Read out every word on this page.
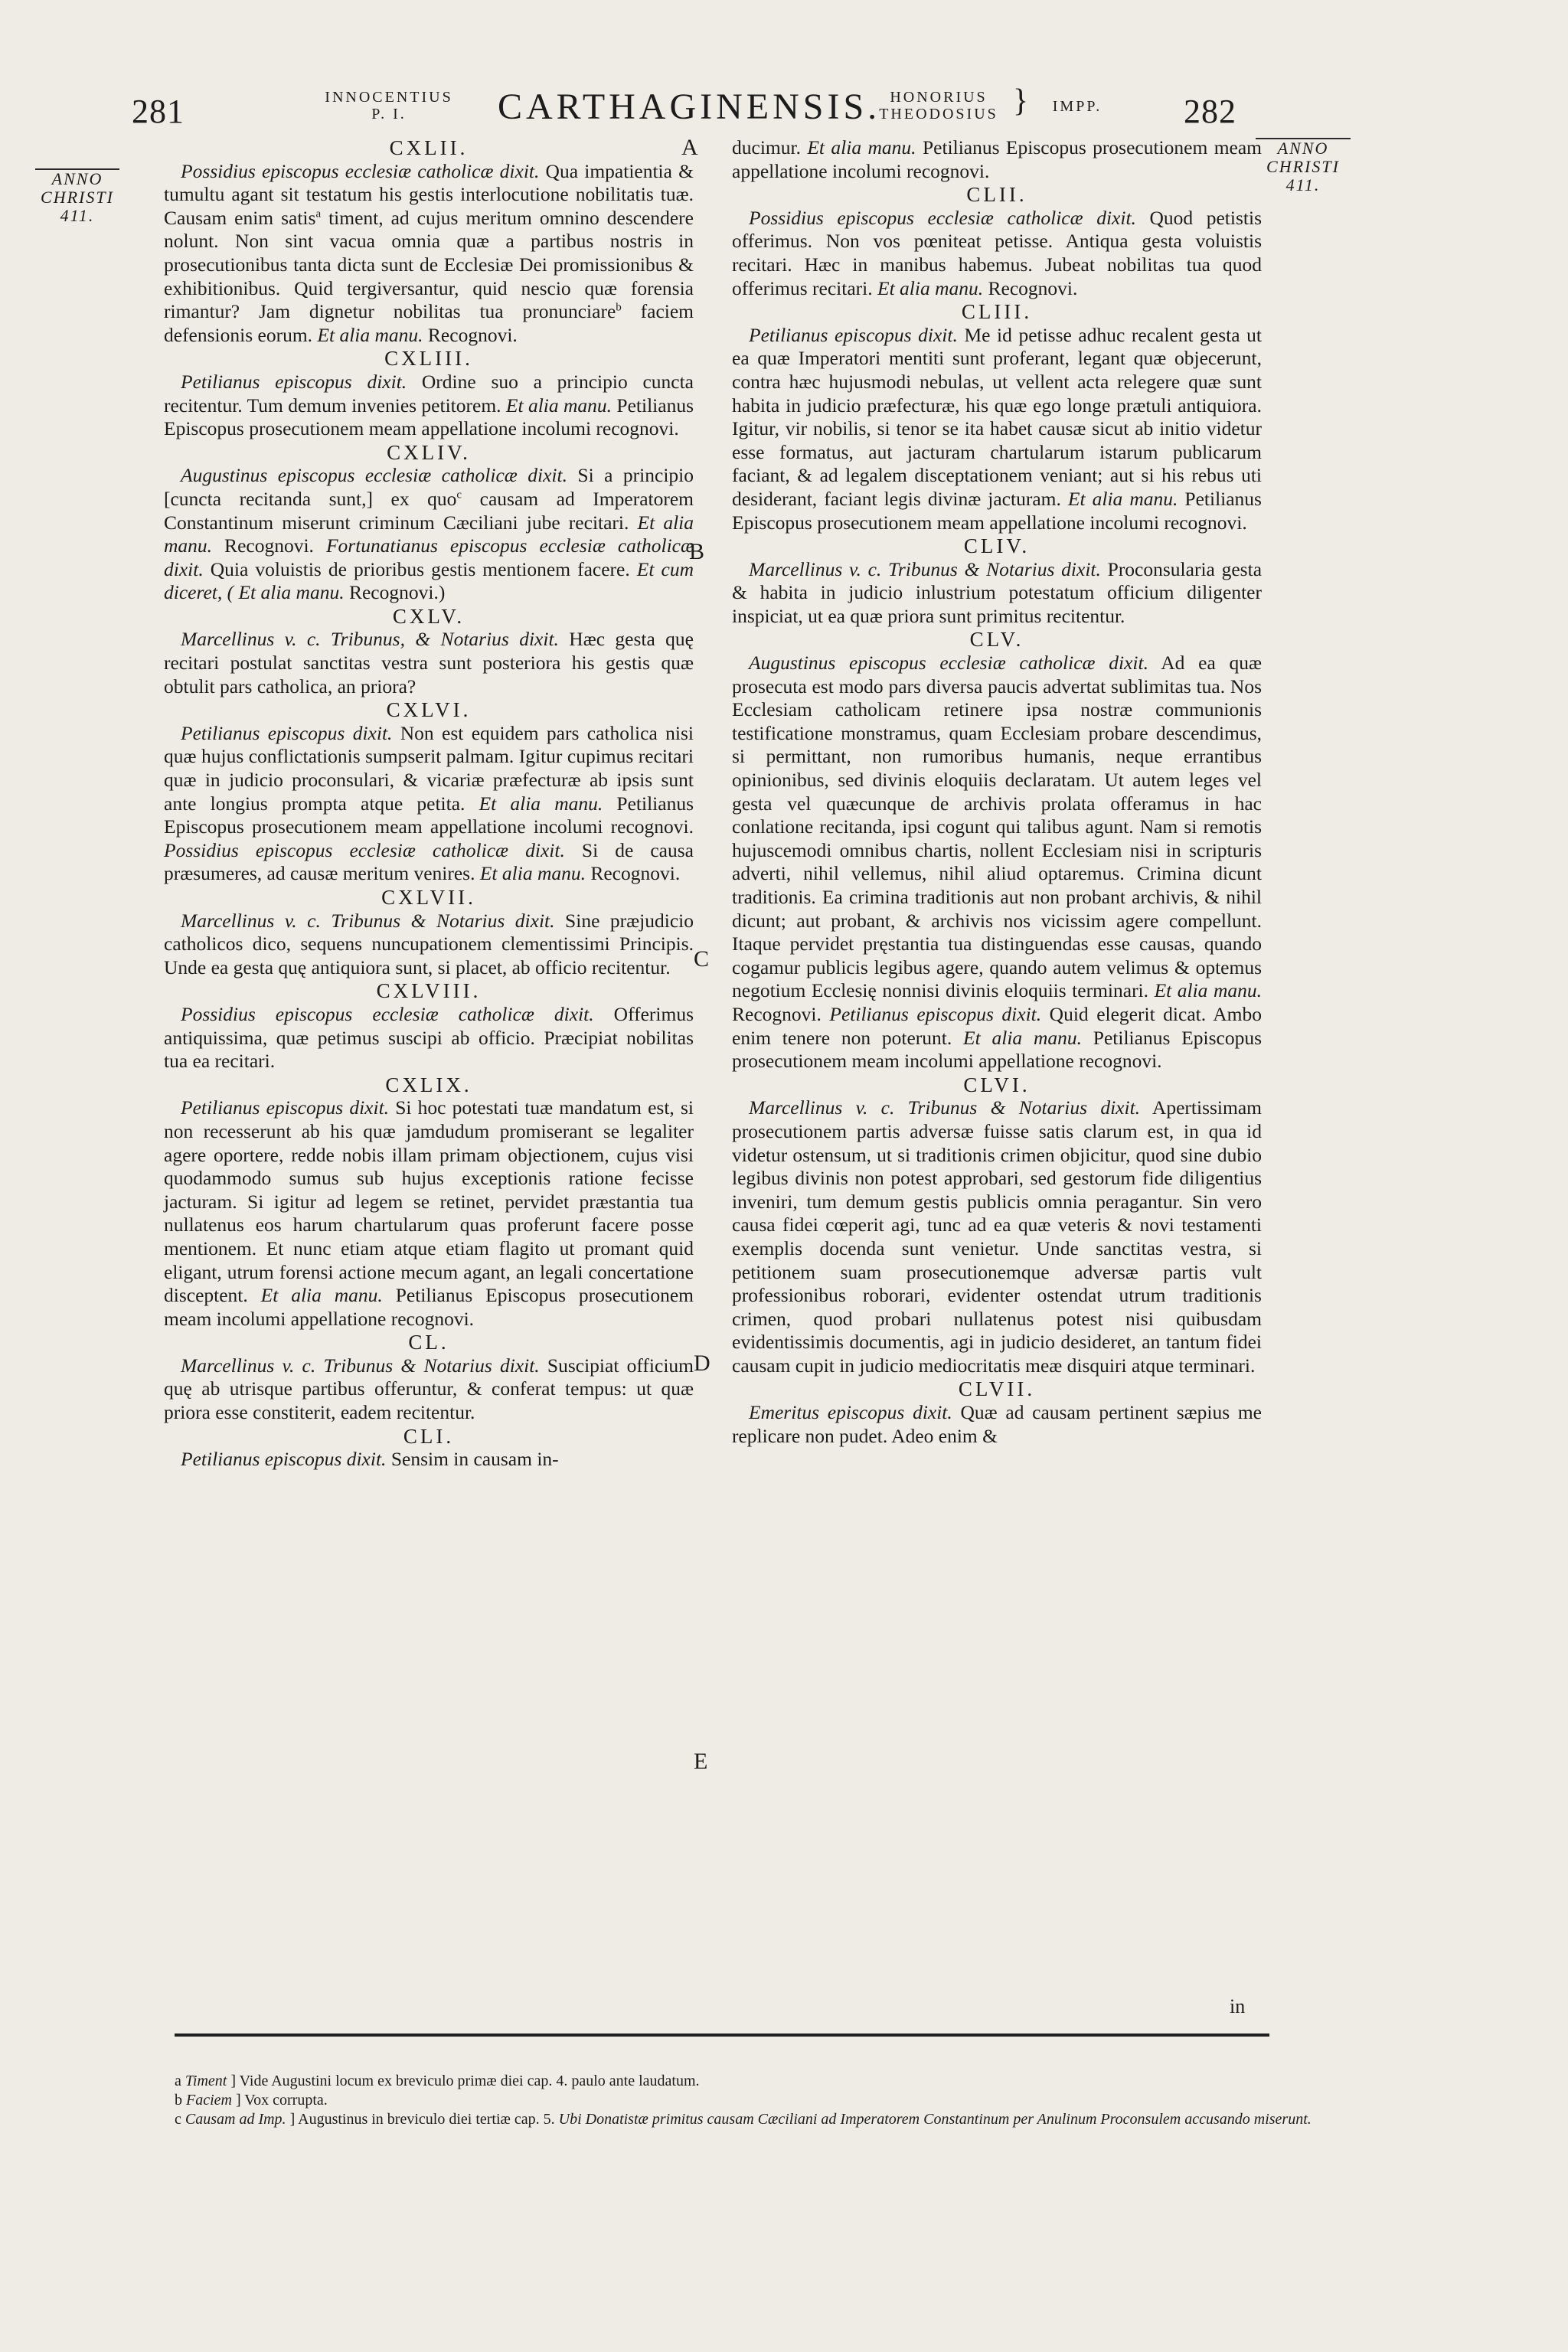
281	INNOCENTIUS
P. I.	CARTHAGINENSIS. HONORIUS
THEODOSIUS }	IMPP.	282
ANNO
CHRISTI
411.
ANNO
CHRISTI
411.
A
B
C
D
E

CXLII.

Possidius episcopus ecclesiæ catholicæ dixit. Qua impatientia & tumultu agant sit testatum his gestis interlocutione nobilitatis tuæ. Causam enim satis$^a$ timent, ad cujus meritum omnino descendere nolunt. Non sint vacua omnia quæ a partibus nostris in prosecutionibus tanta dicta sunt de Ecclesiæ Dei promissionibus & exhibitionibus. Quid tergiversantur, quid nescio quæ forensia rimantur? Jam dignetur nobilitas tua pronunciare$^b$ faciem defensionis eorum. Et alia manu. Recognovi.

CXLIII.

Petilianus episcopus dixit. Ordine suo a principio cuncta recitentur. Tum demum invenies petitorem. Et alia manu. Petilianus Episcopus prosecutionem meam appellatione incolumi recognovi.

CXLIV.

Augustinus episcopus ecclesiæ catholicæ dixit. Si a principio [cuncta recitanda sunt,] ex quo$^c$ causam ad Imperatorem Constantinum miserunt criminum Cæciliani jube recitari. Et alia manu. Recognovi. Fortunatianus episcopus ecclesiæ catholicæ dixit. Quia voluistis de prioribus gestis mentionem facere. Et cum diceret, ( Et alia manu. Recognovi.)

CXLV.

Marcellinus v. c. Tribunus, & Notarius dixit. Hæc gesta quę recitari postulat sanctitas vestra sunt posteriora his gestis quæ obtulit pars catholica, an priora?

CXLVI.

Petilianus episcopus dixit. Non est equidem pars catholica nisi quæ hujus conflictationis sumpserit palmam. Igitur cupimus recitari quæ in judicio proconsulari, & vicariæ præfecturæ ab ipsis sunt ante longius prompta atque petita. Et alia manu. Petilianus Episcopus prosecutionem meam appellatione incolumi recognovi. Possidius episcopus ecclesiæ catholicæ dixit. Si de causa præsumeres, ad causæ meritum venires. Et alia manu. Recognovi.

CXLVII.

Marcellinus v. c. Tribunus & Notarius dixit. Sine præjudicio catholicos dico, sequens nuncupationem clementissimi Principis. Unde ea gesta quę antiquiora sunt, si placet, ab officio recitentur.

CXLVIII.

Possidius episcopus ecclesiæ catholicæ dixit. Offerimus antiquissima, quæ petimus suscipi ab officio. Præcipiat nobilitas tua ea recitari.

CXLIX.

Petilianus episcopus dixit. Si hoc potestati tuæ mandatum est, si non recesserunt ab his quæ jamdudum promiserant se legaliter agere oportere, redde nobis illam primam objectionem, cujus visi quodammodo sumus sub hujus exceptionis ratione fecisse jacturam. Si igitur ad legem se retinet, pervidet præstantia tua nullatenus eos harum chartularum quas proferunt facere posse mentionem. Et nunc etiam atque etiam flagito ut promant quid eligant, utrum forensi actione mecum agant, an legali concertatione disceptent. Et alia manu. Petilianus Episcopus prosecutionem meam incolumi appellatione recognovi.

CL.

Marcellinus v. c. Tribunus & Notarius dixit. Suscipiat officium quę ab utrisque partibus offeruntur, & conferat tempus: ut quæ priora esse constiterit, eadem recitentur.

CLI.

Petilianus episcopus dixit. Sensim in causam in-

ducimur. Et alia manu. Petilianus Episcopus prosecutionem meam appellatione incolumi recognovi.

CLII.

Possidius episcopus ecclesiæ catholicæ dixit. Quod petistis offerimus. Non vos pœniteat petisse. Antiqua gesta voluistis recitari. Hæc in manibus habemus. Jubeat nobilitas tua quod offerimus recitari. Et alia manu. Recognovi.

CLIII.

Petilianus episcopus dixit. Me id petisse adhuc recalent gesta ut ea quæ Imperatori mentiti sunt proferant, legant quæ objecerunt, contra hæc hujusmodi nebulas, ut vellent acta relegere quæ sunt habita in judicio præfecturæ, his quæ ego longe prætuli antiquiora. Igitur, vir nobilis, si tenor se ita habet causæ sicut ab initio videtur esse formatus, aut jacturam chartularum istarum publicarum faciant, & ad legalem disceptationem veniant; aut si his rebus uti desiderant, faciant legis divinæ jacturam. Et alia manu. Petilianus Episcopus prosecutionem meam appellatione incolumi recognovi.

CLIV.

Marcellinus v. c. Tribunus & Notarius dixit. Proconsularia gesta & habita in judicio inlustrium potestatum officium diligenter inspiciat, ut ea quæ priora sunt primitus recitentur.

CLV.

Augustinus episcopus ecclesiæ catholicæ dixit. Ad ea quæ prosecuta est modo pars diversa paucis advertat sublimitas tua. Nos Ecclesiam catholicam retinere ipsa nostræ communionis testificatione monstramus, quam Ecclesiam probare descendimus, si permittant, non rumoribus humanis, neque errantibus opinionibus, sed divinis eloquiis declaratam. Ut autem leges vel gesta vel quæcunque de archivis prolata offeramus in hac conlatione recitanda, ipsi cogunt qui talibus agunt. Nam si remotis hujuscemodi omnibus chartis, nollent Ecclesiam nisi in scripturis adverti, nihil vellemus, nihil aliud optaremus. Crimina dicunt traditionis. Ea crimina traditionis aut non probant archivis, & nihil dicunt; aut probant, & archivis nos vicissim agere compellunt. Itaque pervidet pręstantia tua distinguendas esse causas, quando cogamur publicis legibus agere, quando autem velimus & optemus negotium Ecclesię nonnisi divinis eloquiis terminari. Et alia manu. Recognovi. Petilianus episcopus dixit. Quid elegerit dicat. Ambo enim tenere non poterunt. Et alia manu. Petilianus Episcopus prosecutionem meam incolumi appellatione recognovi.

CLVI.

Marcellinus v. c. Tribunus & Notarius dixit. Apertissimam prosecutionem partis adversæ fuisse satis clarum est, in qua id videtur ostensum, ut si traditionis crimen objicitur, quod sine dubio legibus divinis non potest approbari, sed gestorum fide diligentius inveniri, tum demum gestis publicis omnia peragantur. Sin vero causa fidei cœperit agi, tunc ad ea quæ veteris & novi testamenti exemplis docenda sunt venietur. Unde sanctitas vestra, si petitionem suam prosecutionemque adversæ partis vult professionibus roborari, evidenter ostendat utrum traditionis crimen, quod probari nullatenus potest nisi quibusdam evidentissimis documentis, agi in judicio desideret, an tantum fidei causam cupit in judicio mediocritatis meæ disquiri atque terminari.

CLVII.

Emeritus episcopus dixit. Quæ ad causam pertinent sæpius me replicare non pudet. Adeo enim &

in

a Timent ] Vide Augustini locum ex breviculo primæ diei cap. 4. paulo ante laudatum.

b Faciem ] Vox corrupta.

c Causam ad Imp. ] Augustinus in breviculo diei tertiæ cap. 5. Ubi Donatistæ primitus causam Cæciliani ad Imperatorem Constantinum per Anulinum Proconsulem accusando miserunt.
